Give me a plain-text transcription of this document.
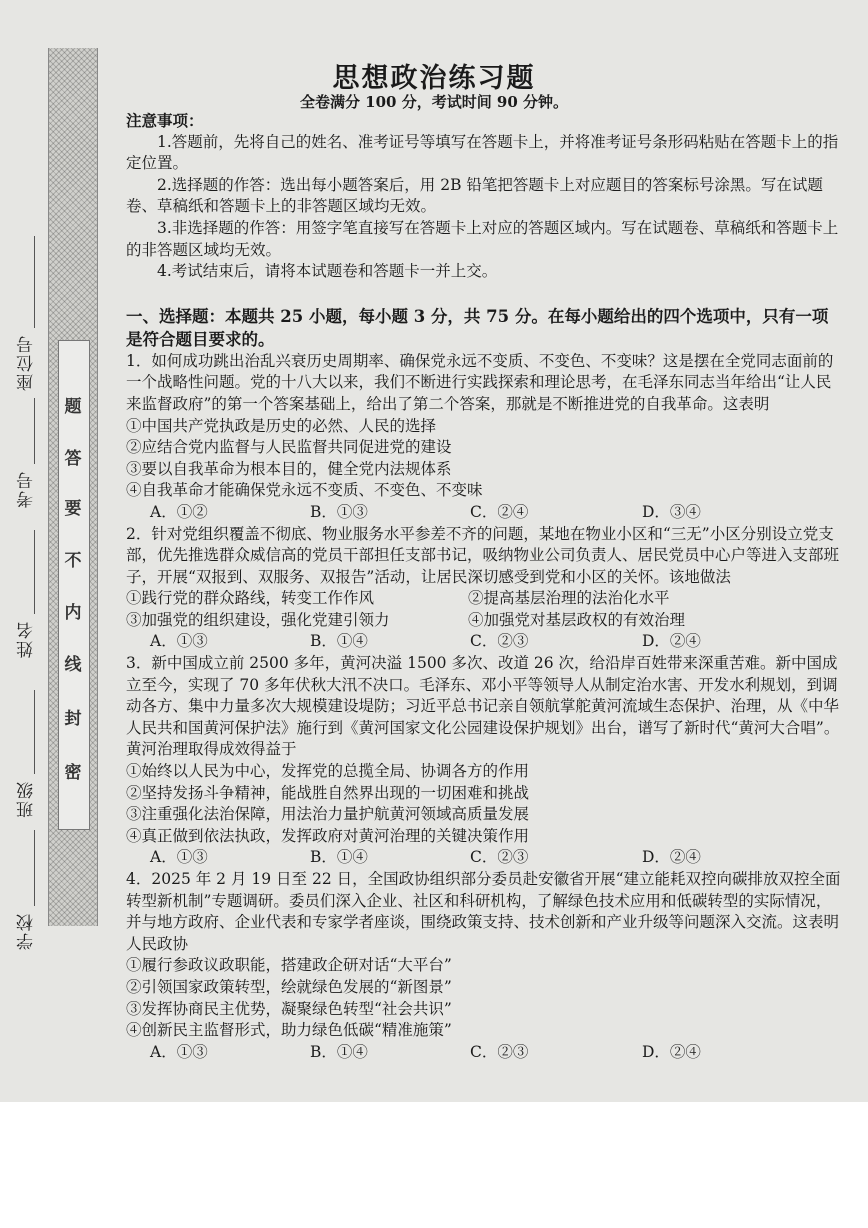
题
答
要
不
内
线
封
密
座位号
考号
姓名
班级
学校
思想政治练习题
全卷满分 100 分，考试时间 90 分钟。
注意事项：

1.答题前，先将自己的姓名、准考证号等填写在答题卡上，并将准考证号条形码粘贴在答题卡上的指定位置。

2.选择题的作答：选出每小题答案后，用 2B 铅笔把答题卡上对应题目的答案标号涂黑。写在试题卷、草稿纸和答题卡上的非答题区域均无效。

3.非选择题的作答：用签字笔直接写在答题卡上对应的答题区域内。写在试题卷、草稿纸和答题卡上的非答题区域均无效。

4.考试结束后，请将本试题卷和答题卡一并上交。

一、选择题：本题共 25 小题，每小题 3 分，共 75 分。在每小题给出的四个选项中，只有一项是符合题目要求的。

1．如何成功跳出治乱兴衰历史周期率、确保党永远不变质、不变色、不变味？这是摆在全党同志面前的一个战略性问题。党的十八大以来，我们不断进行实践探索和理论思考，在毛泽东同志当年给出“让人民来监督政府”的第一个答案基础上，给出了第二个答案，那就是不断推进党的自我革命。这表明

①中国共产党执政是历史的必然、人民的选择

②应结合党内监督与人民监督共同促进党的建设

③要以自我革命为根本目的，健全党内法规体系

④自我革命才能确保党永远不变质、不变色、不变味

A．①②	B．①③	C．②④	D．③④

2．针对党组织覆盖不彻底、物业服务水平参差不齐的问题，某地在物业小区和“三无”小区分别设立党支部，优先推选群众威信高的党员干部担任支部书记，吸纳物业公司负责人、居民党员中心户等进入支部班子，开展“双报到、双服务、双报告”活动，让居民深切感受到党和小区的关怀。该地做法

①践行党的群众路线，转变工作作风	②提高基层治理的法治化水平
③加强党的组织建设，强化党建引领力	④加强党对基层政权的有效治理
A．①③	B．①④	C．②③	D．②④

3．新中国成立前 2500 多年，黄河决溢 1500 多次、改道 26 次，给沿岸百姓带来深重苦难。新中国成立至今，实现了 70 多年伏秋大汛不决口。毛泽东、邓小平等领导人从制定治水害、开发水利规划，到调动各方、集中力量多次大规模建设堤防；习近平总书记亲自领航掌舵黄河流域生态保护、治理，从《中华人民共和国黄河保护法》施行到《黄河国家文化公园建设保护规划》出台，谱写了新时代“黄河大合唱”。黄河治理取得成效得益于

①始终以人民为中心，发挥党的总揽全局、协调各方的作用

②坚持发扬斗争精神，能战胜自然界出现的一切困难和挑战

③注重强化法治保障，用法治力量护航黄河领域高质量发展

④真正做到依法执政，发挥政府对黄河治理的关键决策作用

A．①③	B．①④	C．②③	D．②④

4．2025 年 2 月 19 日至 22 日，全国政协组织部分委员赴安徽省开展“建立能耗双控向碳排放双控全面转型新机制”专题调研。委员们深入企业、社区和科研机构，了解绿色技术应用和低碳转型的实际情况，并与地方政府、企业代表和专家学者座谈，围绕政策支持、技术创新和产业升级等问题深入交流。这表明人民政协

①履行参政议政职能，搭建政企研对话“大平台”

②引领国家政策转型，绘就绿色发展的“新图景”

③发挥协商民主优势，凝聚绿色转型“社会共识”

④创新民主监督形式，助力绿色低碳“精准施策”

A．①③	B．①④	C．②③	D．②④
